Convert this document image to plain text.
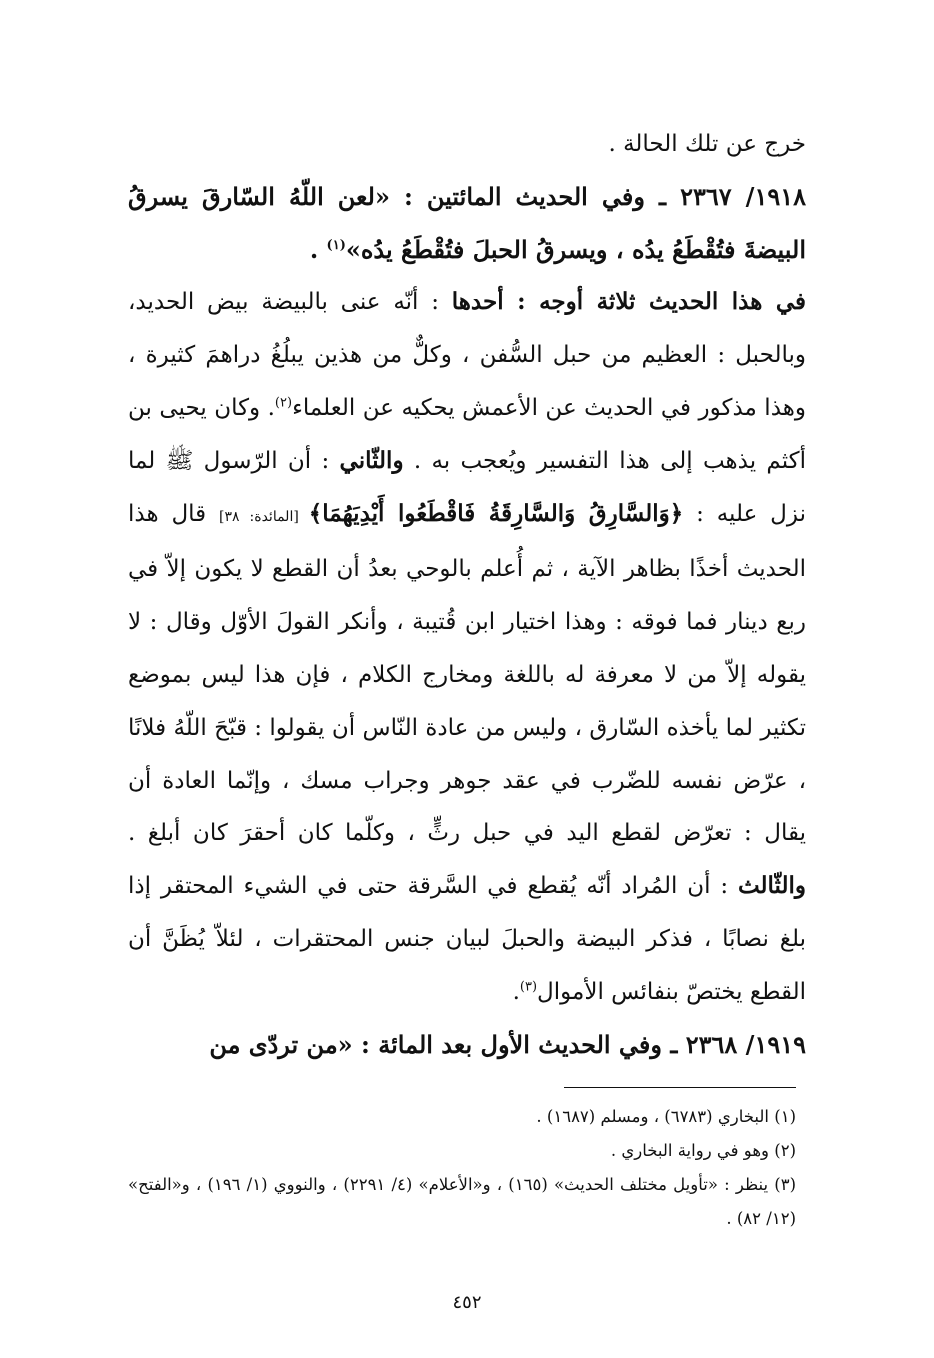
خرج عن تلك الحالة .

١٩١٨/ ٢٣٦٧ ـ وفي الحديث المائتين : «لعن اللّهُ السّارقَ يسرقُ البيضةَ فتُقْطَعُ يدُه ، ويسرقُ الحبلَ فتُقْطَعُ يدُه»$^{(١)}$ .

في هذا الحديث ثلاثة أوجه : أحدها : أنّه عنى بالبيضة بيض الحديد، وبالحبل : العظيم من حبل السُّفن ، وكلٌّ من هذين يبلُغُ دراهمَ كثيرة ، وهذا مذكور في الحديث عن الأعمش يحكيه عن العلماء$^{(٢)}$. وكان يحيى بن أكثم يذهب إلى هذا التفسير ويُعجب به . والثّاني : أن الرّسول ﷺ لما نزل عليه : ﴿وَالسَّارِقُ وَالسَّارِقَةُ فَاقْطَعُوا أَيْدِيَهُمَا﴾ [المائدة: ٣٨] قال هذا الحديث أخذًا بظاهر الآية ، ثم أُعلم بالوحي بعدُ أن القطع لا يكون إلاّ في ربع دينار فما فوقه : وهذا اختيار ابن قُتيبة ، وأنكر القولَ الأوّل وقال : لا يقوله إلاّ من لا معرفة له باللغة ومخارج الكلام ، فإن هذا ليس بموضع تكثير لما يأخذه السّارق ، وليس من عادة النّاس أن يقولوا : قبّحَ اللّهُ فلانًا ، عرّض نفسه للضّرب في عقد جوهر وجراب مسك ، وإنّما العادة أن يقال : تعرّض لقطع اليد في حبل رثٍّ ، وكلّما كان أحقرَ كان أبلغ . والثّالث : أن المُراد أنّه يُقطع في السَّرقة حتى في الشيء المحتقر إذا بلغ نصابًا ، فذكر البيضة والحبلَ لبيان جنس المحتقرات ، لئلاّ يُظَنَّ أن القطع يختصّ بنفائس الأموال$^{(٣)}$.

١٩١٩/ ٢٣٦٨ ـ وفي الحديث الأول بعد المائة : «من تردّى من

(١) البخاري (٦٧٨٣) ، ومسلم (١٦٨٧) .

(٢) وهو في رواية البخاري .

(٣) ينظر : «تأويل مختلف الحديث» (١٦٥) ، و«الأعلام» (٤/ ٢٢٩١) ، والنووي (١/ ١٩٦) ، و«الفتح» (١٢/ ٨٢) .

٤٥٢
